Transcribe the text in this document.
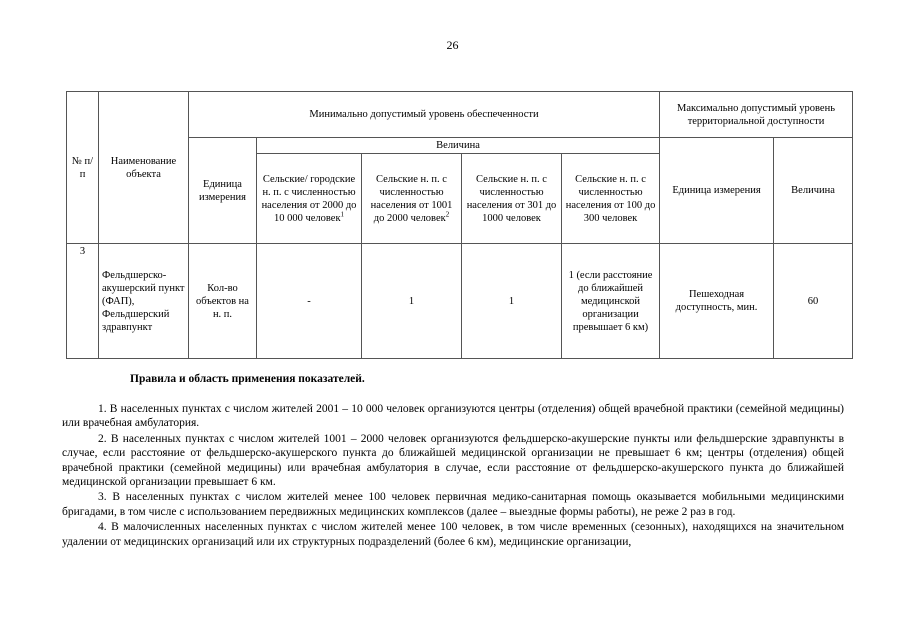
26
№ п/п	Наименование объекта	Минимально допустимый уровень обеспеченности					Максимально допустимый уровень территориальной доступности	
		Единица измерения	Величина				Единица измерения	Величина
			Сельские/ городские н. п. с численностью населения от 2000 до 10 000 человек$^1$	Сельские н. п. с численностью населения от 1001 до 2000 человек$^2$	Сельские н. п. с численностью населения от 301 до 1000 человек	Сельские н. п. с численностью населения от 100 до 300 человек		
3	Фельдшерско-акушерский пункт (ФАП), Фельдшерский здравпункт	Кол-во объектов на н. п.	-	1	1	1 (если расстояние до ближайшей медицинской организации превышает 6 км)	Пешеходная доступность, мин.	60
Правила и область применения показателей.

1. В населенных пунктах с числом жителей 2001 – 10 000 человек организуются центры (отделения) общей врачебной практики (семейной медицины) или врачебная амбулатория.

2. В населенных пунктах с числом жителей 1001 – 2000 человек организуются фельдшерско-акушерские пункты или фельдшерские здравпункты в случае, если расстояние от фельдшерско-акушерского пункта до ближайшей медицинской организации не превышает 6 км; центры (отделения) общей врачебной практики (семейной медицины) или врачебная амбулатория в случае, если расстояние от фельдшерско-акушерского пункта до ближайшей медицинской организации превышает 6 км.

3. В населенных пунктах с числом жителей менее 100 человек первичная медико-санитарная помощь оказывается мобильными медицинскими бригадами, в том числе с использованием передвижных медицинских комплексов (далее – выездные формы работы), не реже 2 раз в год.

4. В малочисленных населенных пунктах с числом жителей менее 100 человек, в том числе временных (сезонных), находящихся на значительном удалении от медицинских организаций или их структурных подразделений (более 6 км), медицинские организации,
